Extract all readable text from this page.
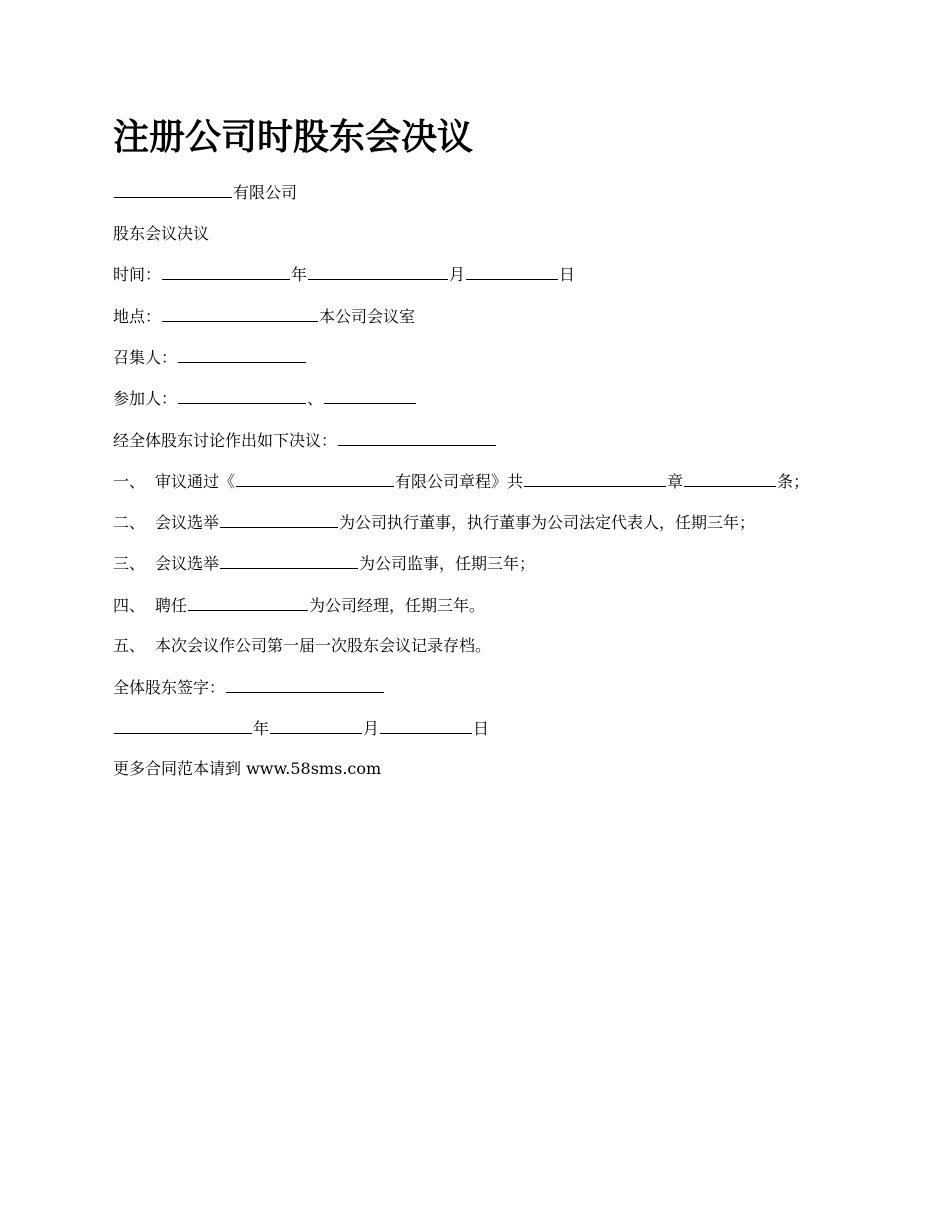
注册公司时股东会决议
有限公司
股东会议决议
时间：	年	月	日
地点：	本公司会议室
召集人：
参加人：	、
经全体股东讨论作出如下决议：
一、 审议通过《	有限公司章程》共	章	条；
二、 会议选举	为公司执行董事，执行董事为公司法定代表人，任期三年；
三、 会议选举	为公司监事，任期三年；
四、 聘任	为公司经理，任期三年。
五、 本次会议作公司第一届一次股东会议记录存档。
全体股东签字：
年	月	日
更多合同范本请到 www.58sms.com
